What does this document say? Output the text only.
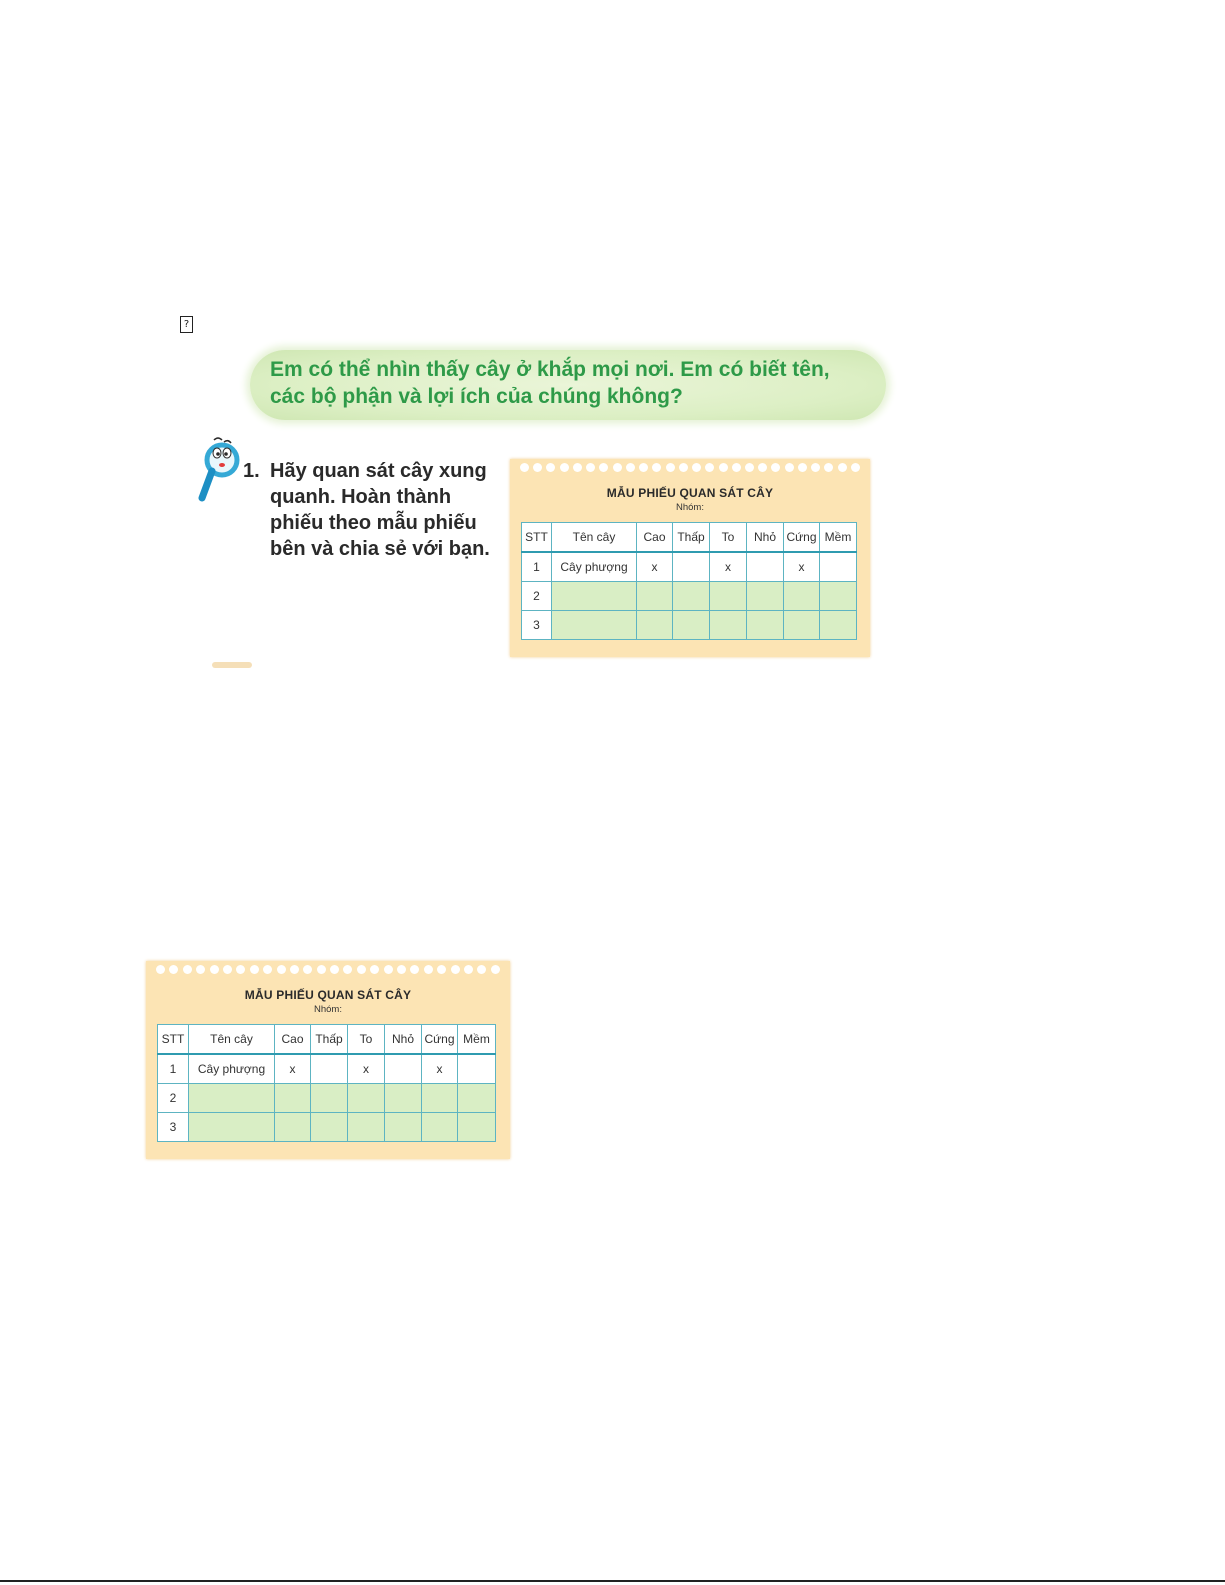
?

Em có thể nhìn thấy cây ở khắp mọi nơi. Em có biết tên,
các bộ phận và lợi ích của chúng không?

1. Hãy quan sát cây xung
quanh. Hoàn thành
phiếu theo mẫu phiếu
bên và chia sẻ với bạn.
MẪU PHIẾU QUAN SÁT CÂY
Nhóm:
STT	Tên cây	Cao	Thấp	To	Nhỏ	Cứng	Mềm
1	Cây phượng	x		x		x	
2							
3							
MẪU PHIẾU QUAN SÁT CÂY
Nhóm:
STT	Tên cây	Cao	Thấp	To	Nhỏ	Cứng	Mềm
1	Cây phượng	x		x		x	
2							
3							
